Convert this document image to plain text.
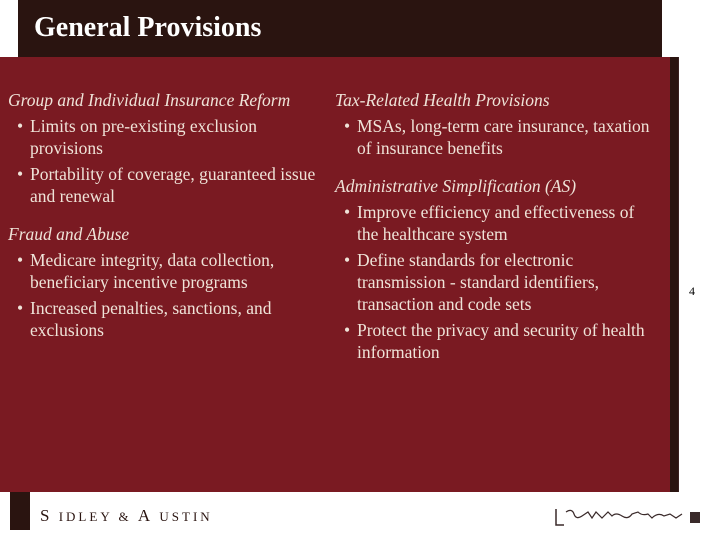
General Provisions
4
Group and Individual Insurance Reform
• Limits on pre-existing exclusion provisions
• Portability of coverage, guaranteed issue and renewal
Fraud and Abuse
• Medicare integrity, data collection, beneficiary incentive programs
• Increased penalties, sanctions, and exclusions
Tax-Related Health Provisions
• MSAs, long-term care insurance, taxation of insurance benefits
Administrative Simplification (AS)
• Improve efficiency and effectiveness of the healthcare system
• Define standards for electronic transmission - standard identifiers, transaction and code sets
• Protect the privacy and security of health information
S IDLEY & A USTIN
